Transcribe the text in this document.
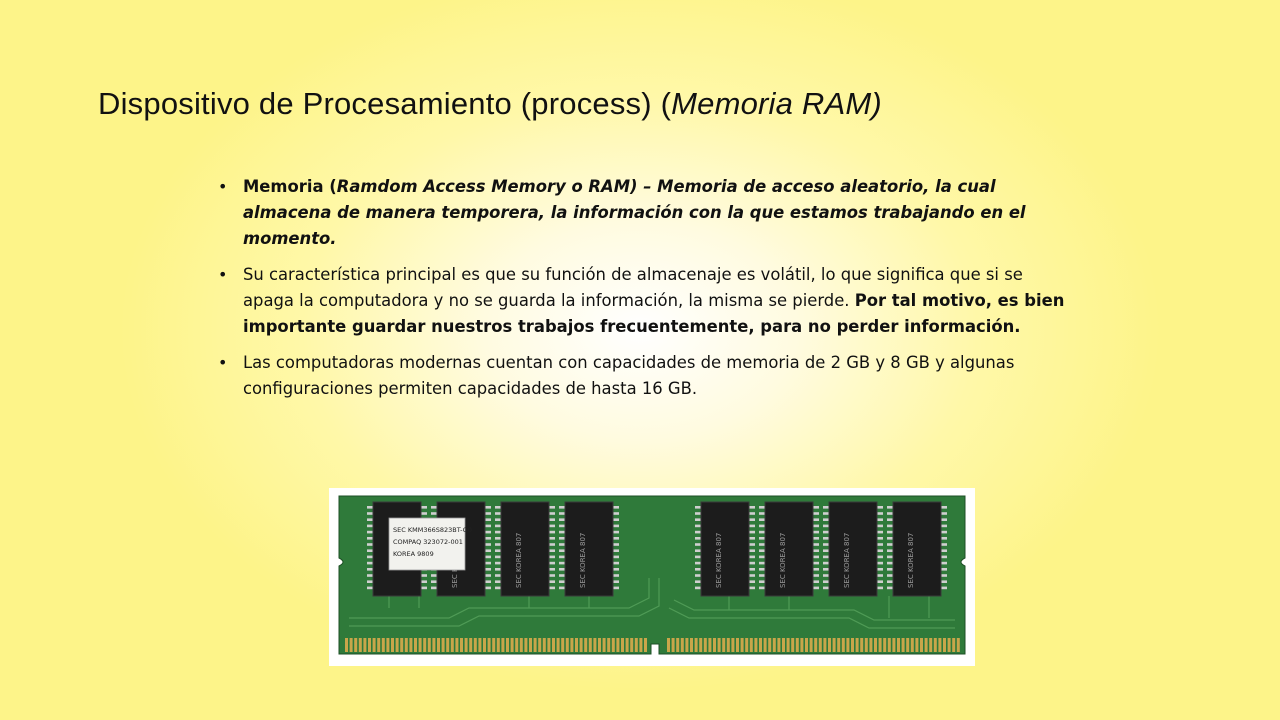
Dispositivo de Procesamiento (process) (Memoria RAM)
• Memoria (Ramdom Access Memory o RAM) – Memoria de acceso aleatorio, la cual almacena de manera temporera, la información con la que estamos trabajando en el momento.
• Su característica principal es que su función de almacenaje es volátil, lo que significa que si se apaga la computadora y no se guarda la información, la misma se pierde. Por tal motivo, es bien importante guardar nuestros trabajos frecuentemente, para no perder información.
• Las computadoras modernas cuentan con capacidades de memoria de 2 GB y 8 GB y algunas configuraciones permiten capacidades de hasta 16 GB.
SEC KOREA 807	SEC KOREA 807	SEC KOREA 807	SEC KOREA 807	SEC KOREA 807	SEC KOREA 807
SEC KMM366S823BT-G0
COMPAQ 323072-001
KOREA 9809
